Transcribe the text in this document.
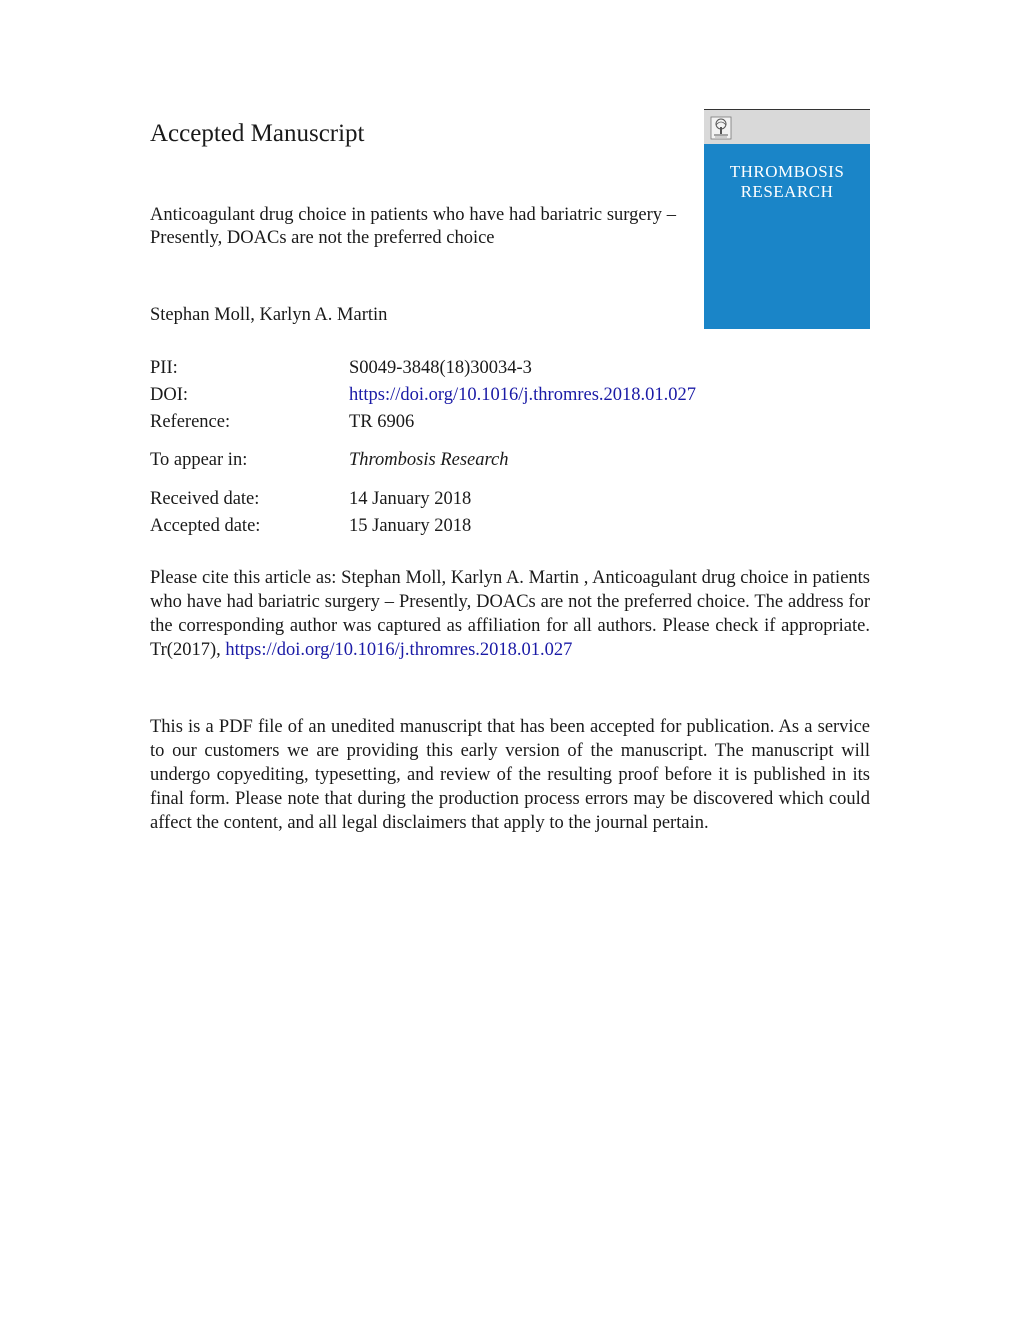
Accepted Manuscript

Anticoagulant drug choice in patients who have had bariatric surgery – Presently, DOACs are not the preferred choice

Stephan Moll, Karlyn A. Martin

THROMBOSIS
RESEARCH
PII:	S0049-3848(18)30034-3
DOI:	https://doi.org/10.1016/j.thromres.2018.01.027
Reference:	TR 6906
To appear in:	Thrombosis Research
Received date:	14 January 2018
Accepted date:	15 January 2018

Please cite this article as: Stephan Moll, Karlyn A. Martin , Anticoagulant drug choice in patients who have had bariatric surgery – Presently, DOACs are not the preferred choice. The address for the corresponding author was captured as affiliation for all authors. Please check if appropriate. Tr(2017), https://doi.org/10.1016/j.thromres.2018.01.027

This is a PDF file of an unedited manuscript that has been accepted for publication. As a service to our customers we are providing this early version of the manuscript. The manuscript will undergo copyediting, typesetting, and review of the resulting proof before it is published in its final form. Please note that during the production process errors may be discovered which could affect the content, and all legal disclaimers that apply to the journal pertain.
